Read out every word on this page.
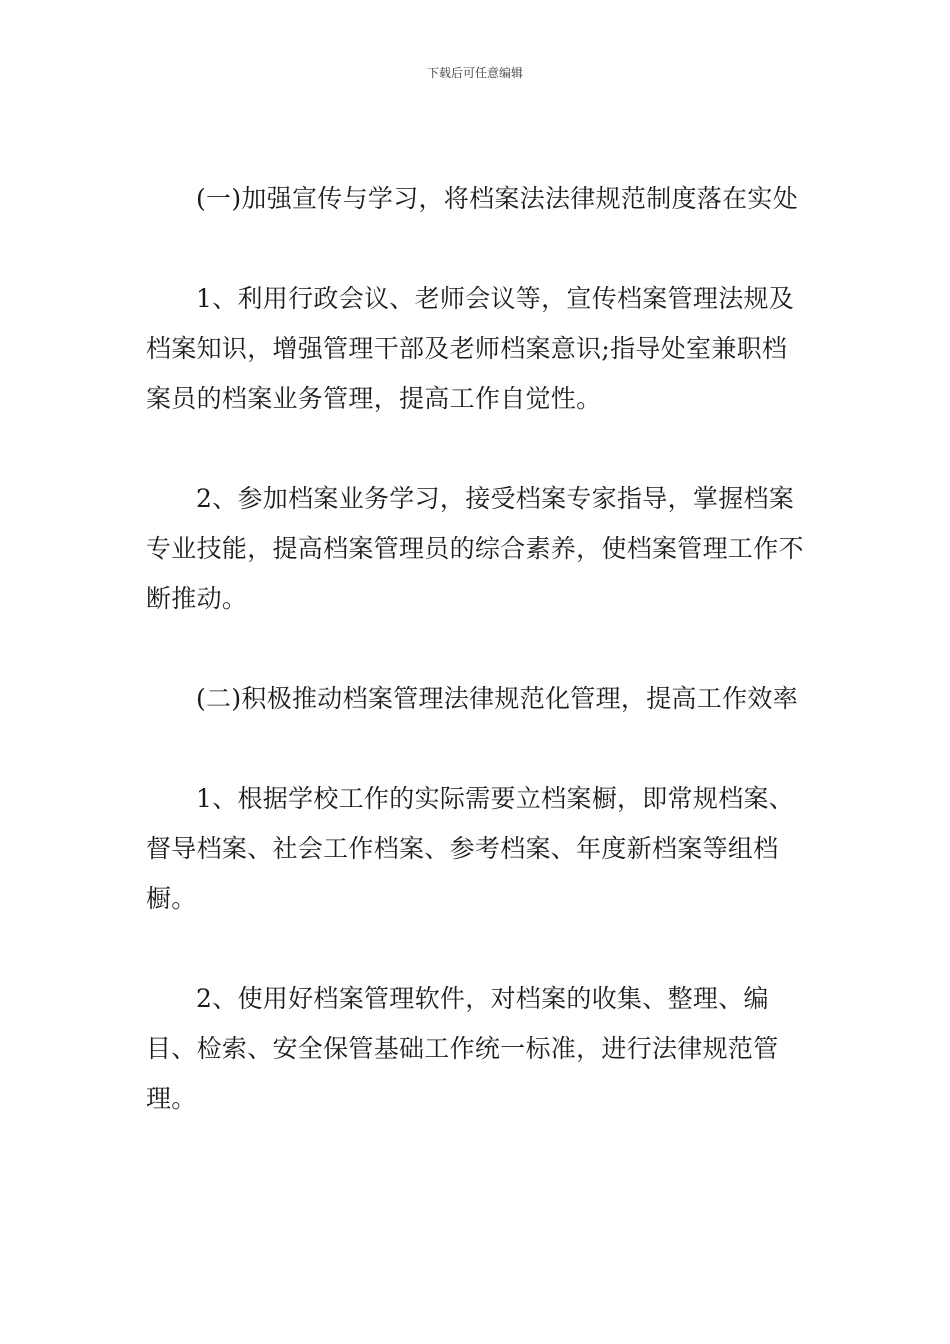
下载后可任意编辑

(一)加强宣传与学习，将档案法法律规范制度落在实处

1、利用行政会议、老师会议等，宣传档案管理法规及档案知识，增强管理干部及老师档案意识;指导处室兼职档案员的档案业务管理，提高工作自觉性。

2、参加档案业务学习，接受档案专家指导，掌握档案专业技能，提高档案管理员的综合素养，使档案管理工作不断推动。

(二)积极推动档案管理法律规范化管理，提高工作效率

1、根据学校工作的实际需要立档案橱，即常规档案、督导档案、社会工作档案、参考档案、年度新档案等组档橱。

2、使用好档案管理软件，对档案的收集、整理、编目、检索、安全保管基础工作统一标准，进行法律规范管理。
